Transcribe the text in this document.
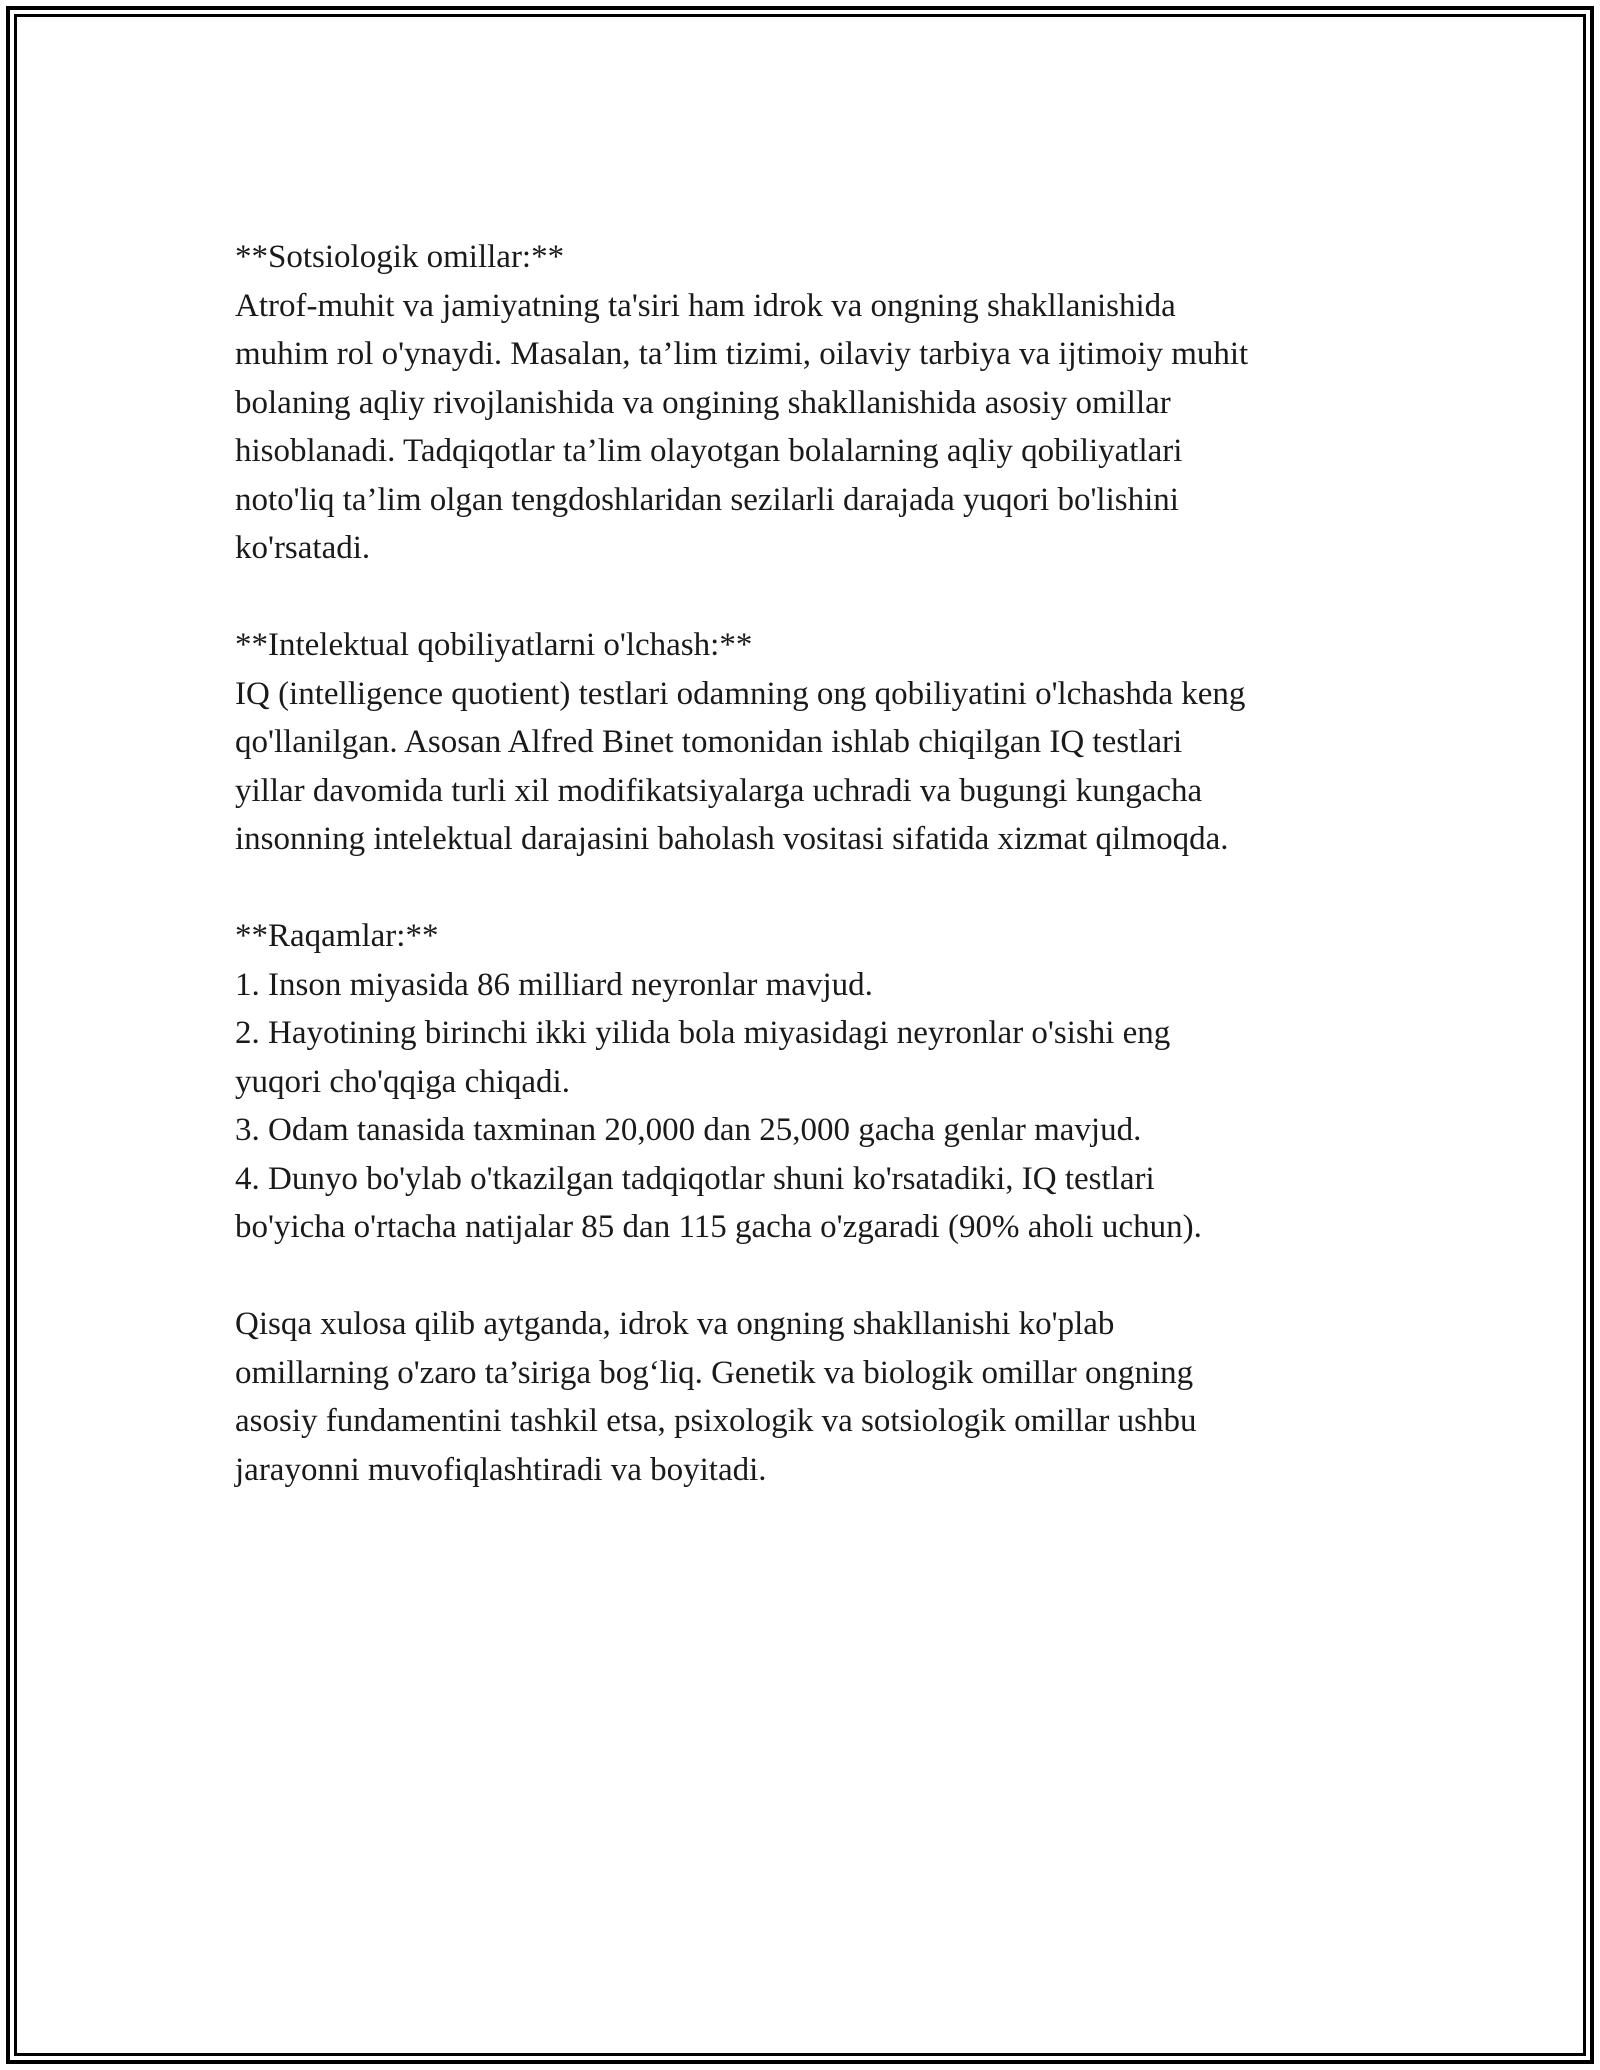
**Sotsiologik omillar:**
Atrof-muhit va jamiyatning ta'siri ham idrok va ongning shakllanishida
muhim rol o'ynaydi. Masalan, ta’lim tizimi, oilaviy tarbiya va ijtimoiy muhit
bolaning aqliy rivojlanishida va ongining shakllanishida asosiy omillar
hisoblanadi. Tadqiqotlar ta’lim olayotgan bolalarning aqliy qobiliyatlari
noto'liq ta’lim olgan tengdoshlaridan sezilarli darajada yuqori bo'lishini
ko'rsatadi.
**Intelektual qobiliyatlarni o'lchash:**
IQ (intelligence quotient) testlari odamning ong qobiliyatini o'lchashda keng
qo'llanilgan. Asosan Alfred Binet tomonidan ishlab chiqilgan IQ testlari
yillar davomida turli xil modifikatsiyalarga uchradi va bugungi kungacha
insonning intelektual darajasini baholash vositasi sifatida xizmat qilmoqda.
**Raqamlar:**
1. Inson miyasida 86 milliard neyronlar mavjud.
2. Hayotining birinchi ikki yilida bola miyasidagi neyronlar o'sishi eng
yuqori cho'qqiga chiqadi.
3. Odam tanasida taxminan 20,000 dan 25,000 gacha genlar mavjud.
4. Dunyo bo'ylab o'tkazilgan tadqiqotlar shuni ko'rsatadiki, IQ testlari
bo'yicha o'rtacha natijalar 85 dan 115 gacha o'zgaradi (90% aholi uchun).
Qisqa xulosa qilib aytganda, idrok va ongning shakllanishi ko'plab
omillarning o'zaro ta’siriga bog‘liq. Genetik va biologik omillar ongning
asosiy fundamentini tashkil etsa, psixologik va sotsiologik omillar ushbu
jarayonni muvofiqlashtiradi va boyitadi.
